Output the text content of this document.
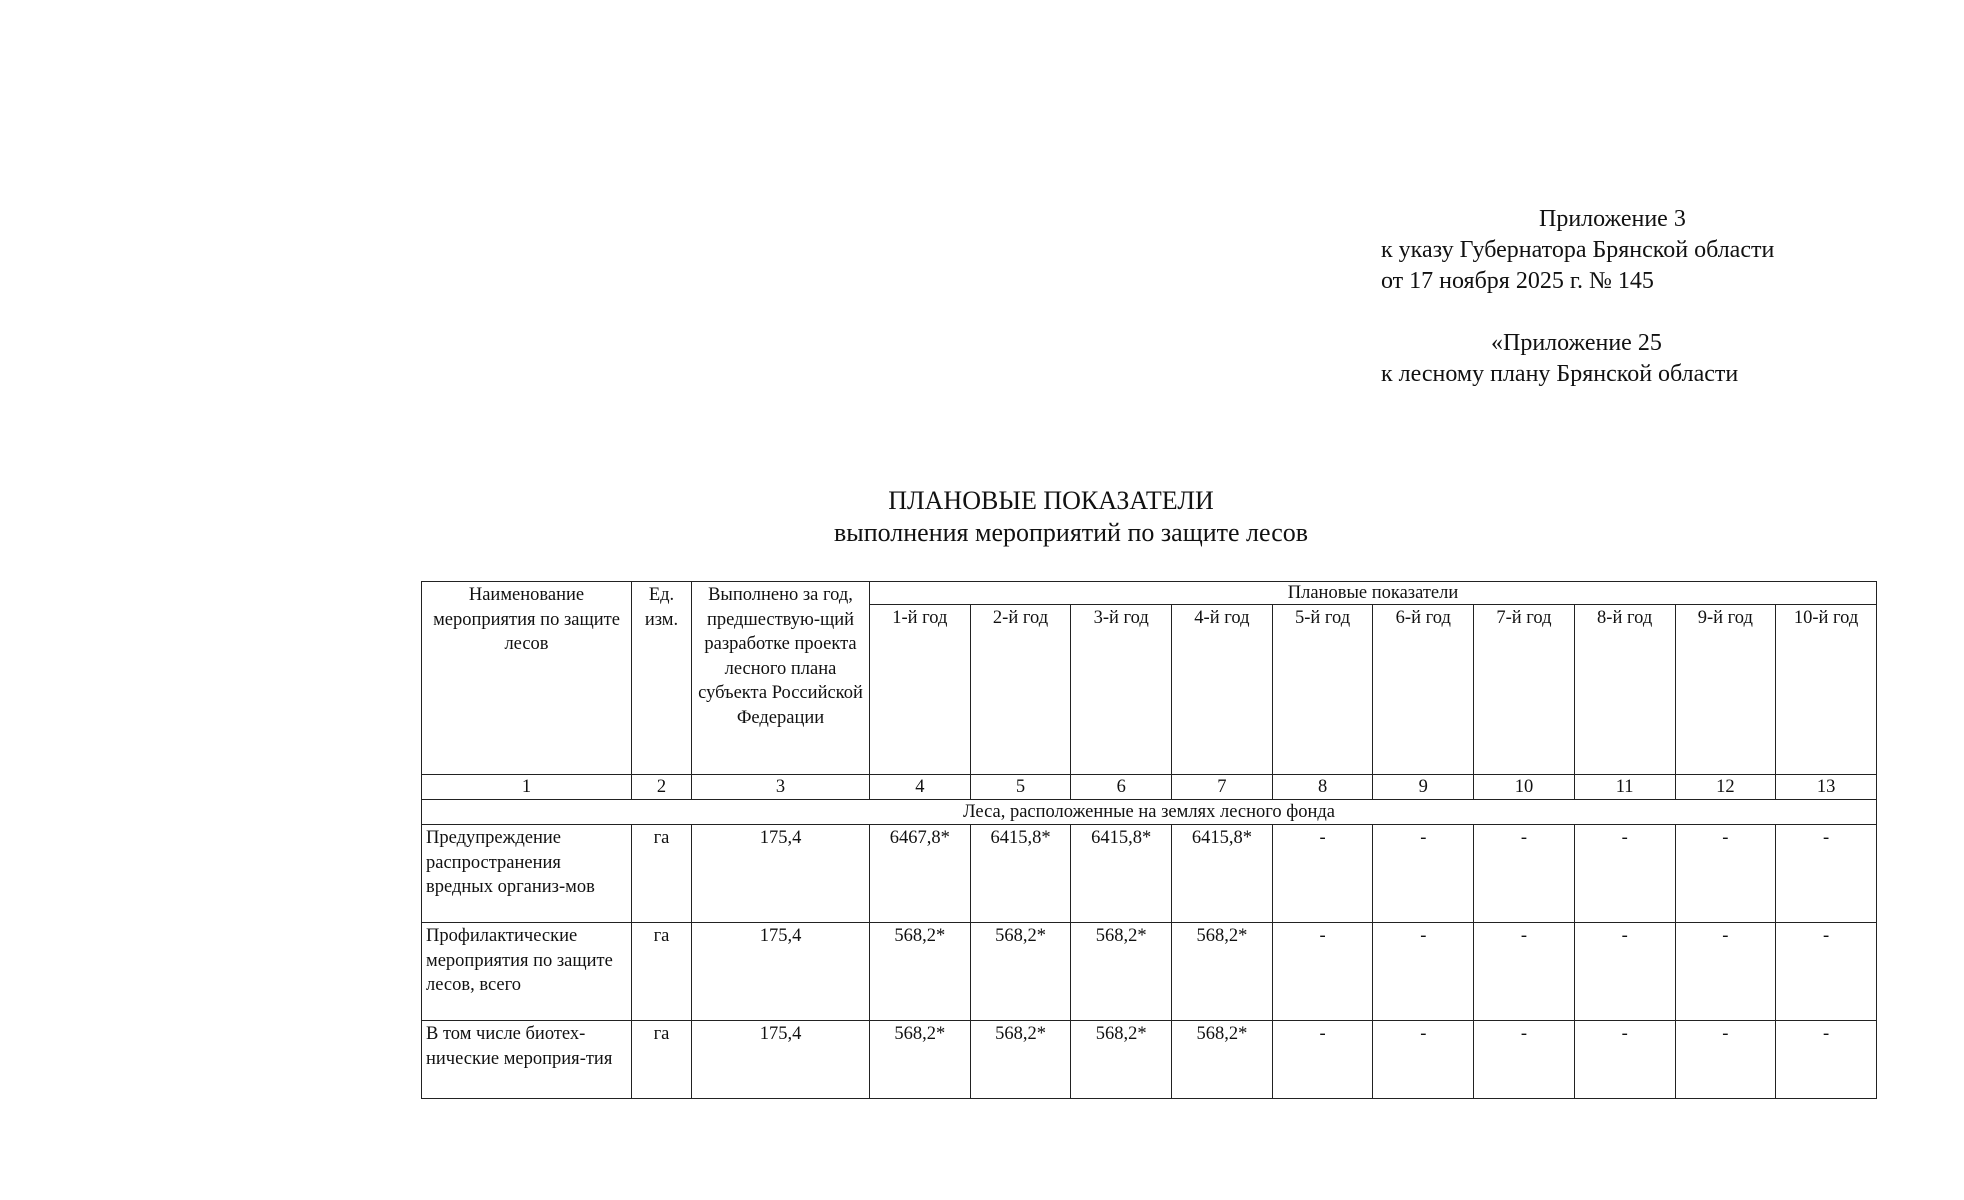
Приложение 3
к указу Губернатора Брянской области
от 17 ноября 2025 г. № 145
«Приложение 25
к лесному плану Брянской области
ПЛАНОВЫЕ ПОКАЗАТЕЛИ
выполнения мероприятий по защите лесов
Наименование мероприятия по защите лесов	Ед. изм.	Выполнено за год, предшествую-щий разработке проекта лесного плана субъекта Российской Федерации	Плановые показатели									
			1-й год	2-й год	3-й год	4-й год	5-й год	6-й год	7-й год	8-й год	9-й год	10-й год
1	2	3	4	5	6	7	8	9	10	11	12	13
Леса, расположенные на землях лесного фонда												
Предупреждение распространения вредных организ-мов	га	175,4	6467,8*	6415,8*	6415,8*	6415,8*	-	-	-	-	-	-
Профилактические мероприятия по защите лесов, всего	га	175,4	568,2*	568,2*	568,2*	568,2*	-	-	-	-	-	-
В том числе биотех-нические мероприя-тия	га	175,4	568,2*	568,2*	568,2*	568,2*	-	-	-	-	-	-
